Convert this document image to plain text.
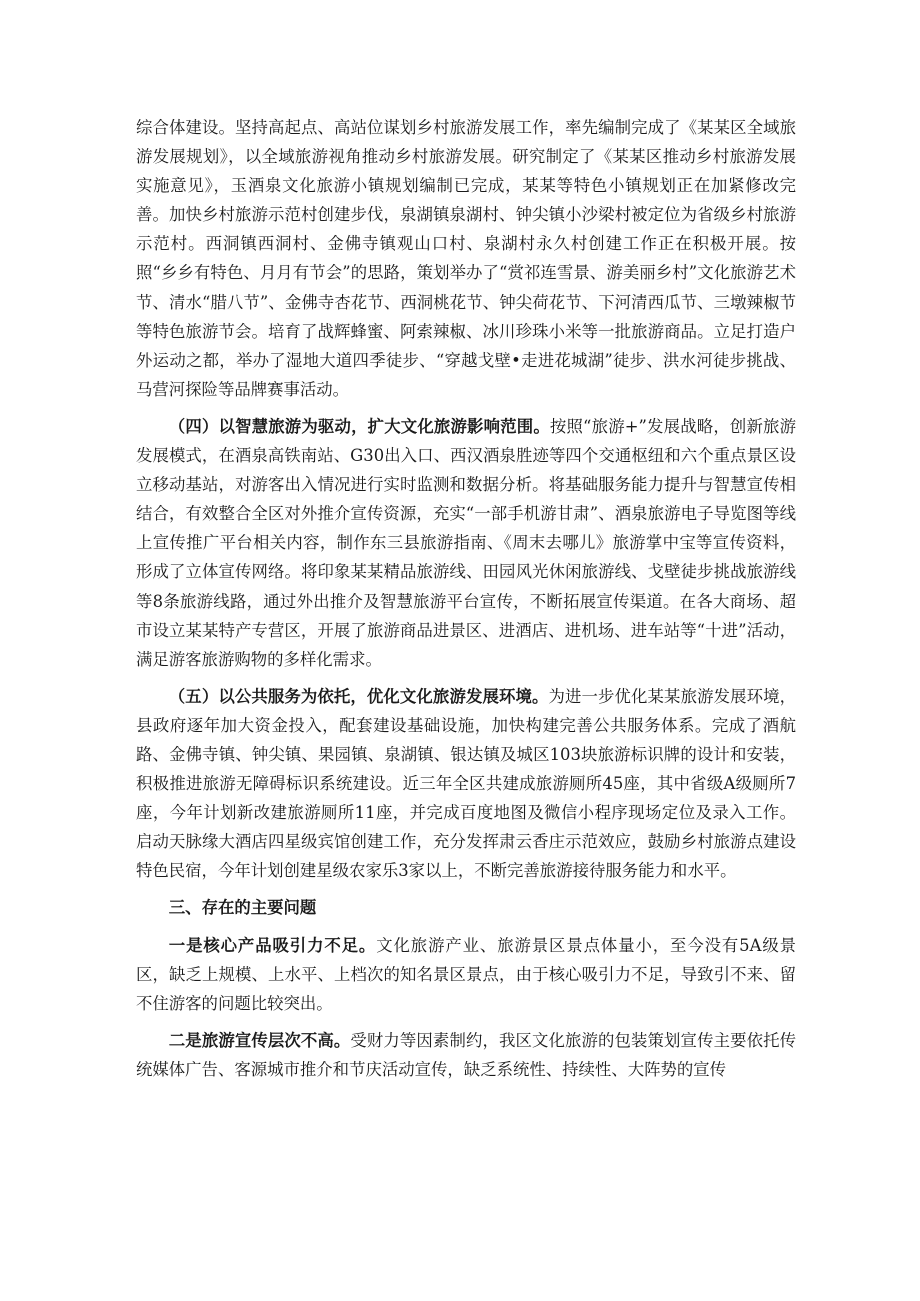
综合体建设。坚持高起点、高站位谋划乡村旅游发展工作，率先编制完成了《某某区全域旅游发展规划》，以全域旅游视角推动乡村旅游发展。研究制定了《某某区推动乡村旅游发展实施意见》，玉酒泉文化旅游小镇规划编制已完成，某某等特色小镇规划正在加紧修改完善。加快乡村旅游示范村创建步伐，泉湖镇泉湖村、钟尖镇小沙梁村被定位为省级乡村旅游示范村。西洞镇西洞村、金佛寺镇观山口村、泉湖村永久村创建工作正在积极开展。按照“乡乡有特色、月月有节会”的思路，策划举办了“赏祁连雪景、游美丽乡村”文化旅游艺术节、清水“腊八节”、金佛寺杏花节、西洞桃花节、钟尖荷花节、下河清西瓜节、三墩辣椒节等特色旅游节会。培育了战辉蜂蜜、阿索辣椒、冰川珍珠小米等一批旅游商品。立足打造户外运动之都，举办了湿地大道四季徒步、“穿越戈壁•走进花城湖”徒步、洪水河徒步挑战、马营河探险等品牌赛事活动。

（四）以智慧旅游为驱动，扩大文化旅游影响范围。按照“旅游+”发展战略，创新旅游发展模式，在酒泉高铁南站、G30出入口、西汉酒泉胜迹等四个交通枢纽和六个重点景区设立移动基站，对游客出入情况进行实时监测和数据分析。将基础服务能力提升与智慧宣传相结合，有效整合全区对外推介宣传资源，充实“一部手机游甘肃”、酒泉旅游电子导览图等线上宣传推广平台相关内容，制作东三县旅游指南、《周末去哪儿》旅游掌中宝等宣传资料，形成了立体宣传网络。将印象某某精品旅游线、田园风光休闲旅游线、戈壁徒步挑战旅游线等8条旅游线路，通过外出推介及智慧旅游平台宣传，不断拓展宣传渠道。在各大商场、超市设立某某特产专营区，开展了旅游商品进景区、进酒店、进机场、进车站等“十进”活动，满足游客旅游购物的多样化需求。

（五）以公共服务为依托，优化文化旅游发展环境。为进一步优化某某旅游发展环境，县政府逐年加大资金投入，配套建设基础设施，加快构建完善公共服务体系。完成了酒航路、金佛寺镇、钟尖镇、果园镇、泉湖镇、银达镇及城区103块旅游标识牌的设计和安装，积极推进旅游无障碍标识系统建设。近三年全区共建成旅游厕所45座，其中省级A级厕所7座，今年计划新改建旅游厕所11座，并完成百度地图及微信小程序现场定位及录入工作。启动天脉缘大酒店四星级宾馆创建工作，充分发挥肃云香庄示范效应，鼓励乡村旅游点建设特色民宿，今年计划创建星级农家乐3家以上，不断完善旅游接待服务能力和水平。

三、存在的主要问题

一是核心产品吸引力不足。文化旅游产业、旅游景区景点体量小，至今没有5A级景区，缺乏上规模、上水平、上档次的知名景区景点，由于核心吸引力不足，导致引不来、留不住游客的问题比较突出。

二是旅游宣传层次不高。受财力等因素制约，我区文化旅游的包装策划宣传主要依托传统媒体广告、客源城市推介和节庆活动宣传，缺乏系统性、持续性、大阵势的宣传
